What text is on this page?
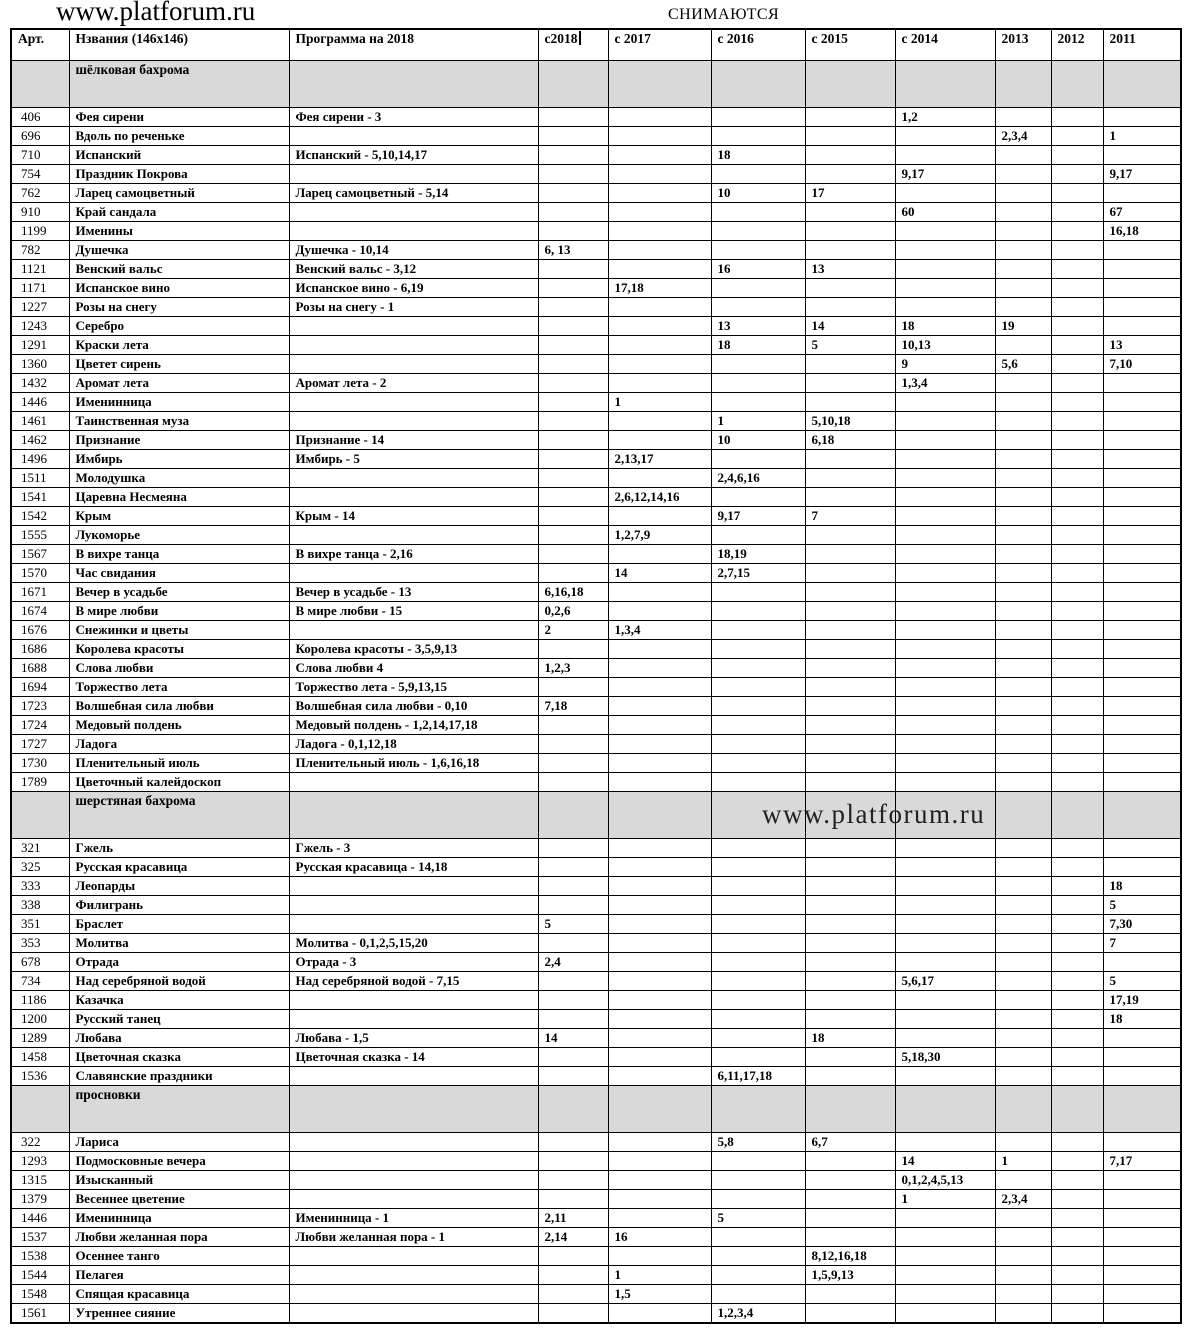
www.platforum.ru	СНИМАЮТСЯ
www.platforum.ru
Арт.	Нзвания (146x146)	Программа на 2018	с2018	с 2017	с 2016	с 2015	с 2014	2013	2012	2011
	шёлковая бахрома									
406	Фея сирени	Фея сирени - 3					1,2			
696	Вдоль по реченьке							2,3,4		1
710	Испанский	Испанский - 5,10,14,17			18					
754	Праздник Покрова						9,17			9,17
762	Ларец самоцветный	Ларец самоцветный - 5,14			10	17				
910	Край сандала						60			67
1199	Именины									16,18
782	Душечка	Душечка - 10,14	6, 13							
1121	Венский вальс	Венский вальс - 3,12			16	13				
1171	Испанское вино	Испанское вино - 6,19		17,18						
1227	Розы на снегу	Розы на снегу - 1								
1243	Серебро				13	14	18	19		
1291	Краски лета				18	5	10,13			13
1360	Цветет сирень						9	5,6		7,10
1432	Аромат лета	Аромат лета - 2					1,3,4			
1446	Именинница			1						
1461	Таинственная муза				1	5,10,18				
1462	Признание	Признание - 14			10	6,18				
1496	Имбирь	Имбирь - 5		2,13,17						
1511	Молодушка				2,4,6,16					
1541	Царевна Несмеяна			2,6,12,14,16						
1542	Крым	Крым - 14			9,17	7				
1555	Лукоморье			1,2,7,9						
1567	В вихре танца	В вихре танца - 2,16			18,19					
1570	Час свидания			14	2,7,15					
1671	Вечер в усадьбе	Вечер в усадьбе - 13	6,16,18							
1674	В мире любви	В мире любви - 15	0,2,6							
1676	Снежинки и цветы		2	1,3,4						
1686	Королева красоты	Королева красоты - 3,5,9,13								
1688	Слова любви	Слова любви 4	1,2,3							
1694	Торжество лета	Торжество лета - 5,9,13,15								
1723	Волшебная сила любви	Волшебная сила любви - 0,10	7,18							
1724	Медовый полдень	Медовый полдень - 1,2,14,17,18								
1727	Ладога	Ладога - 0,1,12,18								
1730	Пленительный июль	Пленительный июль - 1,6,16,18								
1789	Цветочный калейдоскоп									
	шерстяная бахрома									
321	Гжель	Гжель - 3								
325	Русская красавица	Русская красавица - 14,18								
333	Леопарды									18
338	Филигрань									5
351	Браслет		5							7,30
353	Молитва	Молитва - 0,1,2,5,15,20								7
678	Отрада	Отрада - 3	2,4							
734	Над серебряной водой	Над серебряной водой - 7,15					5,6,17			5
1186	Казачка									17,19
1200	Русский танец									18
1289	Любава	Любава - 1,5	14			18				
1458	Цветочная сказка	Цветочная сказка - 14					5,18,30			
1536	Славянские праздники				6,11,17,18					
	просновки									
322	Лариса				5,8	6,7				
1293	Подмосковные вечера						14	1		7,17
1315	Изысканный						0,1,2,4,5,13			
1379	Весеннее цветение						1	2,3,4		
1446	Именинница	Именинница - 1	2,11		5					
1537	Любви желанная пора	Любви желанная пора - 1	2,14	16						
1538	Осеннее танго					8,12,16,18				
1544	Пелагея			1		1,5,9,13				
1548	Спящая красавица			1,5						
1561	Утреннее сияние				1,2,3,4					
